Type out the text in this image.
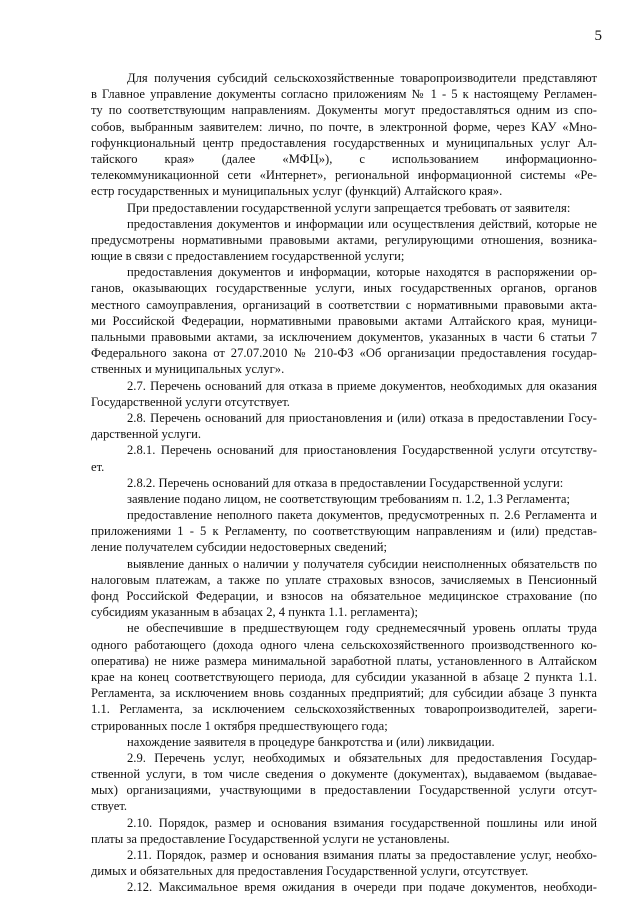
5
Для получения субсидий сельскохозяйственные товаропроизводители представляют
в Главное управление документы согласно приложениям № 1 - 5 к настоящему Регламен-
ту по соответствующим направлениям. Документы могут предоставляться одним из спо-
собов, выбранным заявителем: лично, по почте, в электронной форме, через КАУ «Мно-
гофункциональный центр предоставления государственных и муниципальных услуг Ал-
тайского края» (далее «МФЦ»), с использованием информационно-
телекоммуникационной сети «Интернет», региональной информационной системы «Ре-
естр государственных и муниципальных услуг (функций) Алтайского края».
При предоставлении государственной услуги запрещается требовать от заявителя:
предоставления документов и информации или осуществления действий, которые не
предусмотрены нормативными правовыми актами, регулирующими отношения, возника-
ющие в связи с предоставлением государственной услуги;
предоставления документов и информации, которые находятся в распоряжении ор-
ганов, оказывающих государственные услуги, иных государственных органов, органов
местного самоуправления, организаций в соответствии с нормативными правовыми акта-
ми Российской Федерации, нормативными правовыми актами Алтайского края, муници-
пальными правовыми актами, за исключением документов, указанных в части 6 статьи 7
Федерального закона от 27.07.2010 № 210-ФЗ «Об организации предоставления государ-
ственных и муниципальных услуг».
2.7. Перечень оснований для отказа в приеме документов, необходимых для оказания
Государственной услуги отсутствует.
2.8. Перечень оснований для приостановления и (или) отказа в предоставлении Госу-
дарственной услуги.
2.8.1. Перечень оснований для приостановления Государственной услуги отсутству-
ет.
2.8.2. Перечень оснований для отказа в предоставлении Государственной услуги:
заявление подано лицом, не соответствующим требованиям п. 1.2, 1.3 Регламента;
предоставление неполного пакета документов, предусмотренных п. 2.6 Регламента и
приложениями 1 - 5 к Регламенту, по соответствующим направлениям и (или) представ-
ление получателем субсидии недостоверных сведений;
выявление данных о наличии у получателя субсидии неисполненных обязательств по
налоговым платежам, а также по уплате страховых взносов, зачисляемых в Пенсионный
фонд Российской Федерации, и взносов на обязательное медицинское страхование (по
субсидиям указанным в абзацах 2, 4 пункта 1.1. регламента);
не обеспечившие в предшествующем году среднемесячный уровень оплаты труда
одного работающего (дохода одного члена сельскохозяйственного производственного ко-
оператива) не ниже размера минимальной заработной платы, установленного в Алтайском
крае на конец соответствующего периода, для субсидии указанной в абзаце 2 пункта 1.1.
Регламента, за исключением вновь созданных предприятий; для субсидии абзаце 3 пункта
1.1. Регламента, за исключением сельскохозяйственных товаропроизводителей, зареги-
стрированных после 1 октября предшествующего года;
нахождение заявителя в процедуре банкротства и (или) ликвидации.
2.9. Перечень услуг, необходимых и обязательных для предоставления Государ-
ственной услуги, в том числе сведения о документе (документах), выдаваемом (выдавае-
мых) организациями, участвующими в предоставлении Государственной услуги отсут-
ствует.
2.10. Порядок, размер и основания взимания государственной пошлины или иной
платы за предоставление Государственной услуги не установлены.
2.11. Порядок, размер и основания взимания платы за предоставление услуг, необхо-
димых и обязательных для предоставления Государственной услуги, отсутствует.
2.12. Максимальное время ожидания в очереди при подаче документов, необходи-
